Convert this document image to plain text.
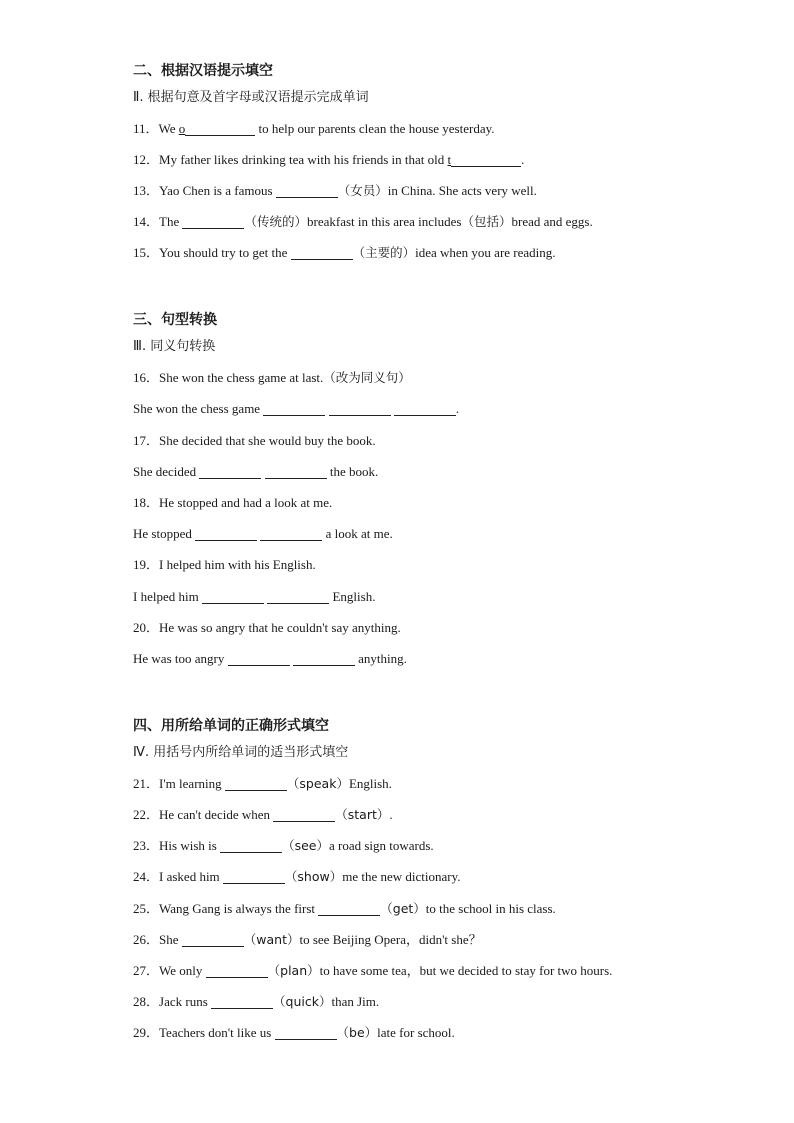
二、根据汉语提示填空
Ⅱ. 根据句意及首字母或汉语提示完成单词
11．We o	to help our parents clean the house yesterday.
12．My father likes drinking tea with his friends in that old t	.
13．Yao Chen is a famous	（女员）in China. She acts very well.
14．The	（传统的）breakfast in this area includes（包括）bread and eggs.
15．You should try to get the	（主要的）idea when you are reading.
三、句型转换
Ⅲ. 同义句转换
16．She won the chess game at last.（改为同义句）
She won the chess game	.
17．She decided that she would buy the book.
She decided	the book.
18．He stopped and had a look at me.
He stopped	a look at me.
19．I helped him with his English.
I helped him	English.
20．He was so angry that he couldn't say anything.
He was too angry	anything.
四、用所给单词的正确形式填空
Ⅳ. 用括号内所给单词的适当形式填空
21．I'm learning	（speak）English.
22．He can't decide when	（start）.
23．His wish is	（see）a road sign towards.
24．I asked him	（show）me the new dictionary.
25．Wang Gang is always the first	（get）to the school in his class.
26．She	（want）to see Beijing Opera，didn't she？
27．We only	（plan）to have some tea，but we decided to stay for two hours.
28．Jack runs	（quick）than Jim.
29．Teachers don't like us	（be）late for school.
